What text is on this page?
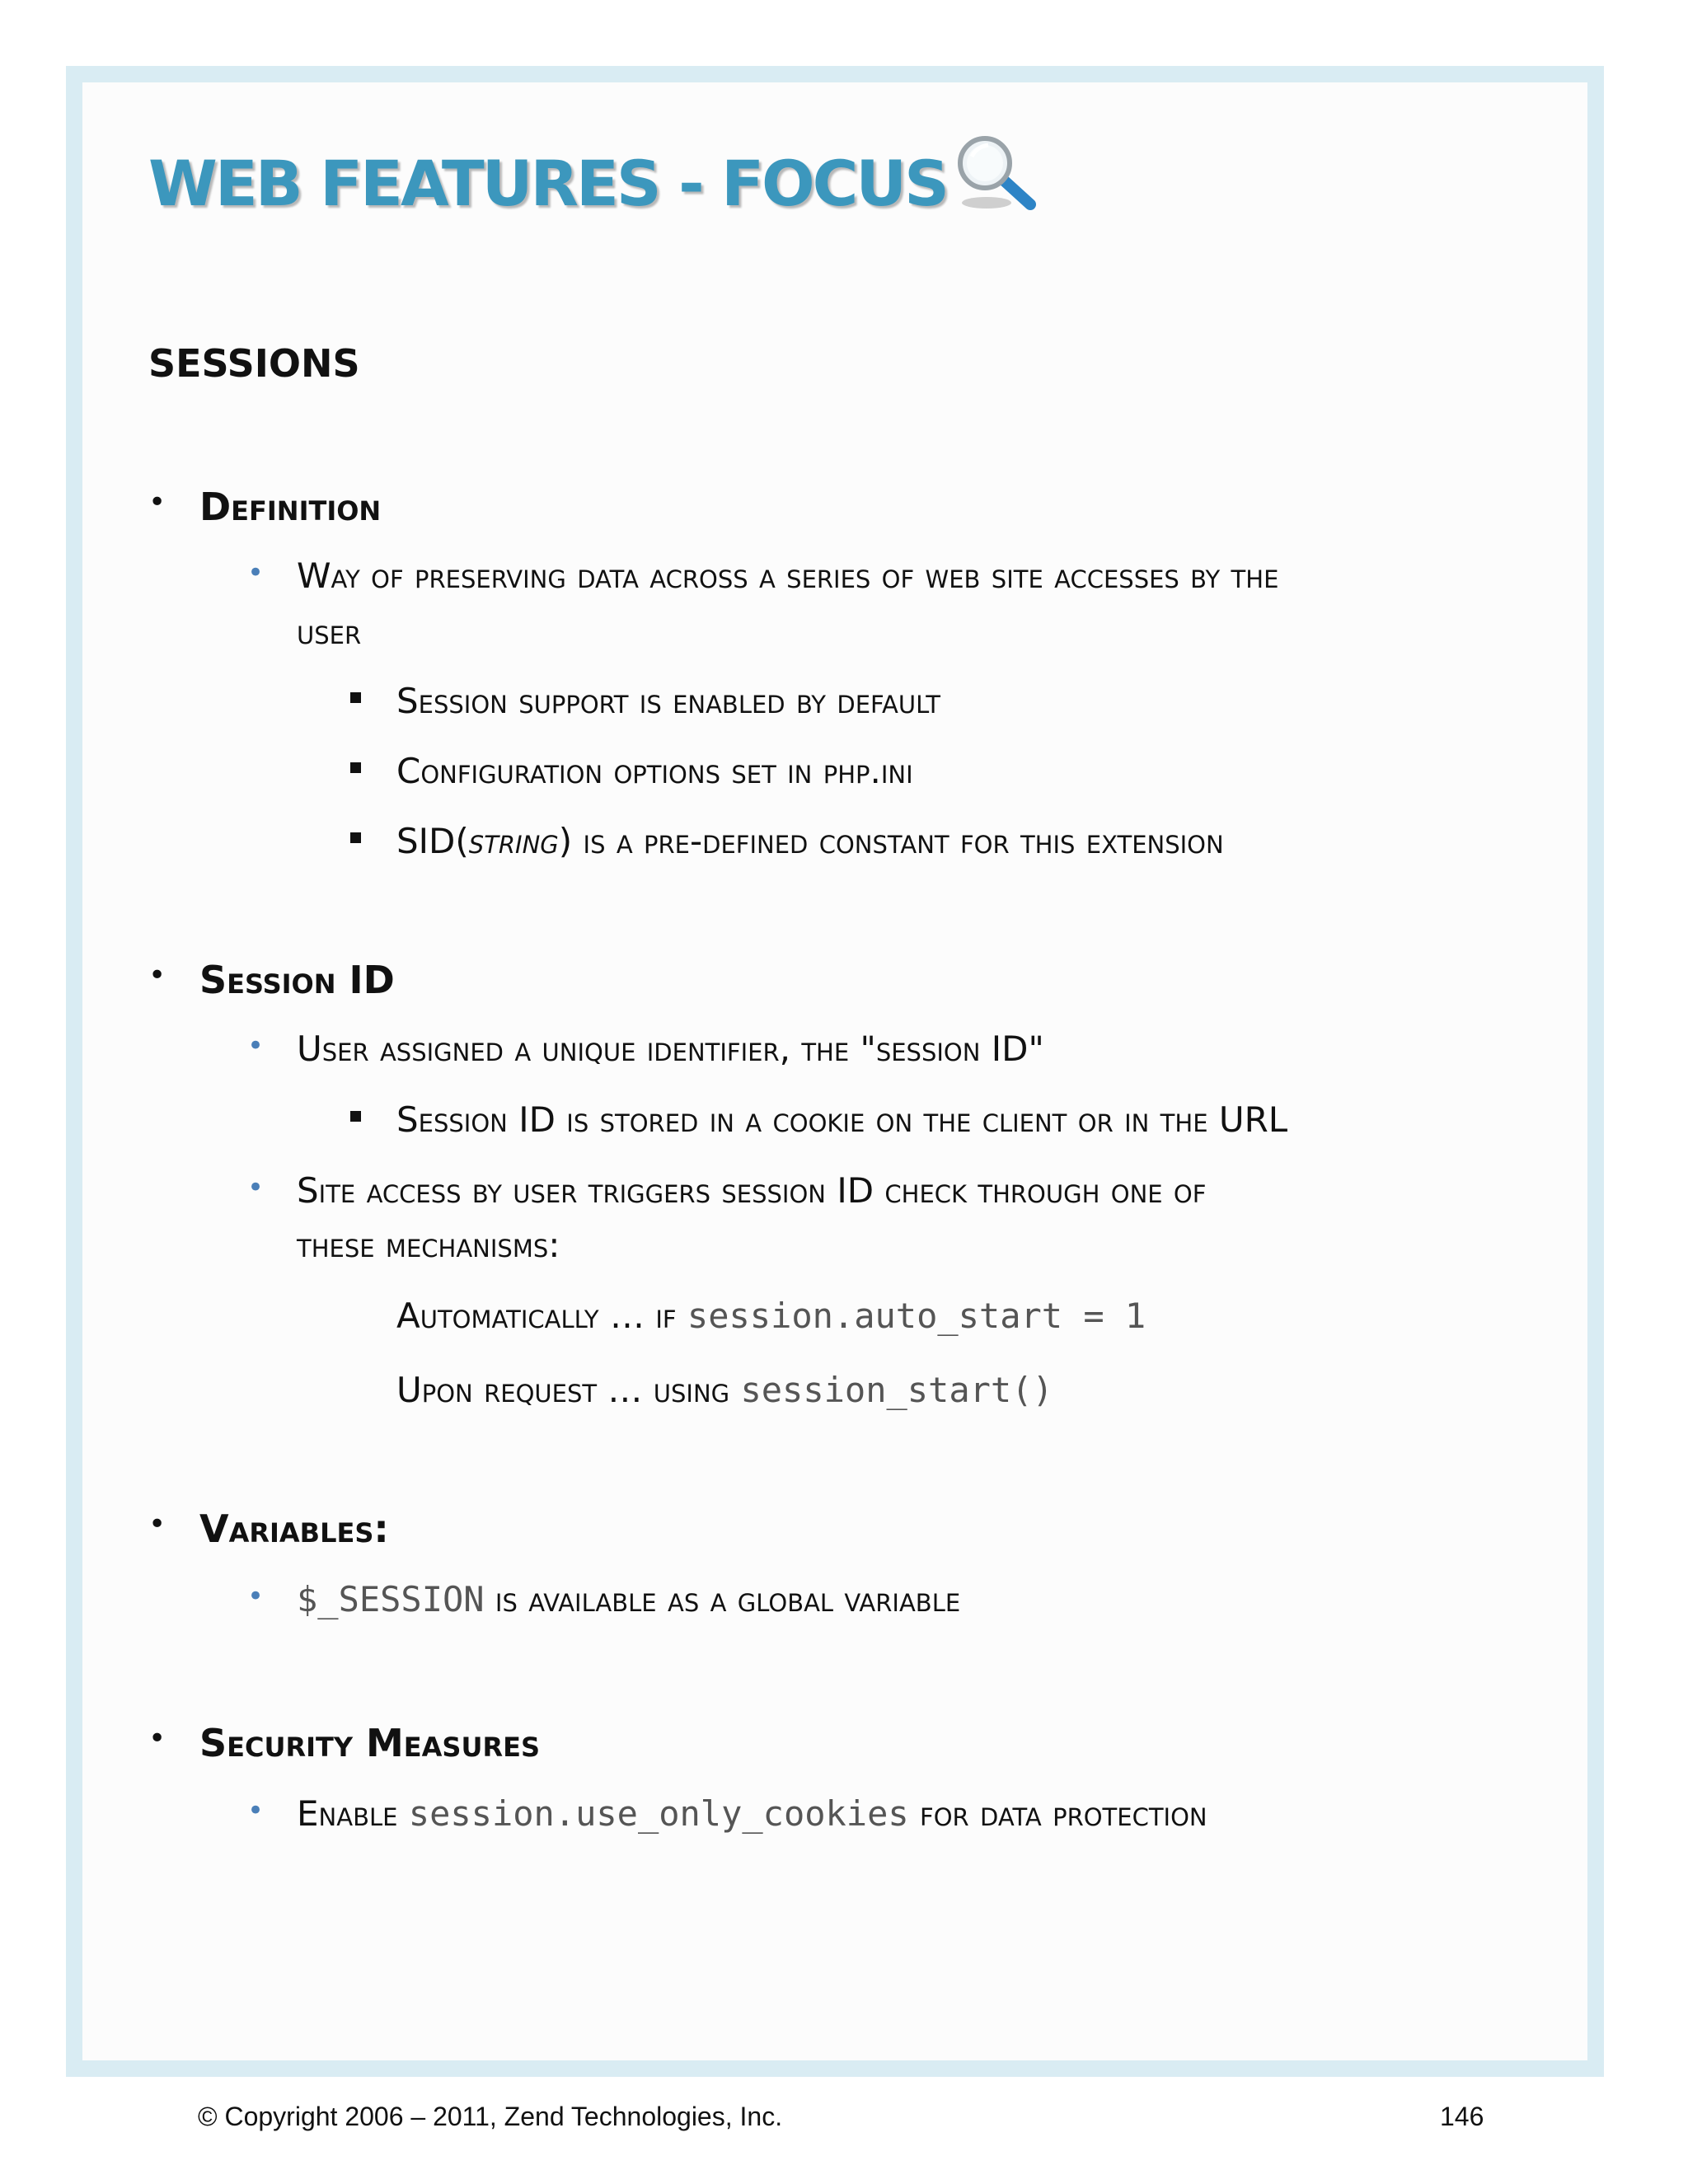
WEB FEATURES - FOCUS
SESSIONS
• Definition
• Way of preserving data across a series of web site accesses by the
user
Session support is enabled by default
Configuration options set in php.ini
SID(string) is a pre-defined constant for this extension
• Session ID
• User assigned a unique identifier, the "session ID"
Session ID is stored in a cookie on the client or in the URL
• Site access by user triggers session ID check through one of
these mechanisms:
Automatically … if session.auto_start = 1
Upon request … using session_start()
• Variables:
• $_SESSION is available as a global variable
• Security Measures
• Enable session.use_only_cookies for data protection

© Copyright 2006 – 2011, Zend Technologies, Inc.	146
